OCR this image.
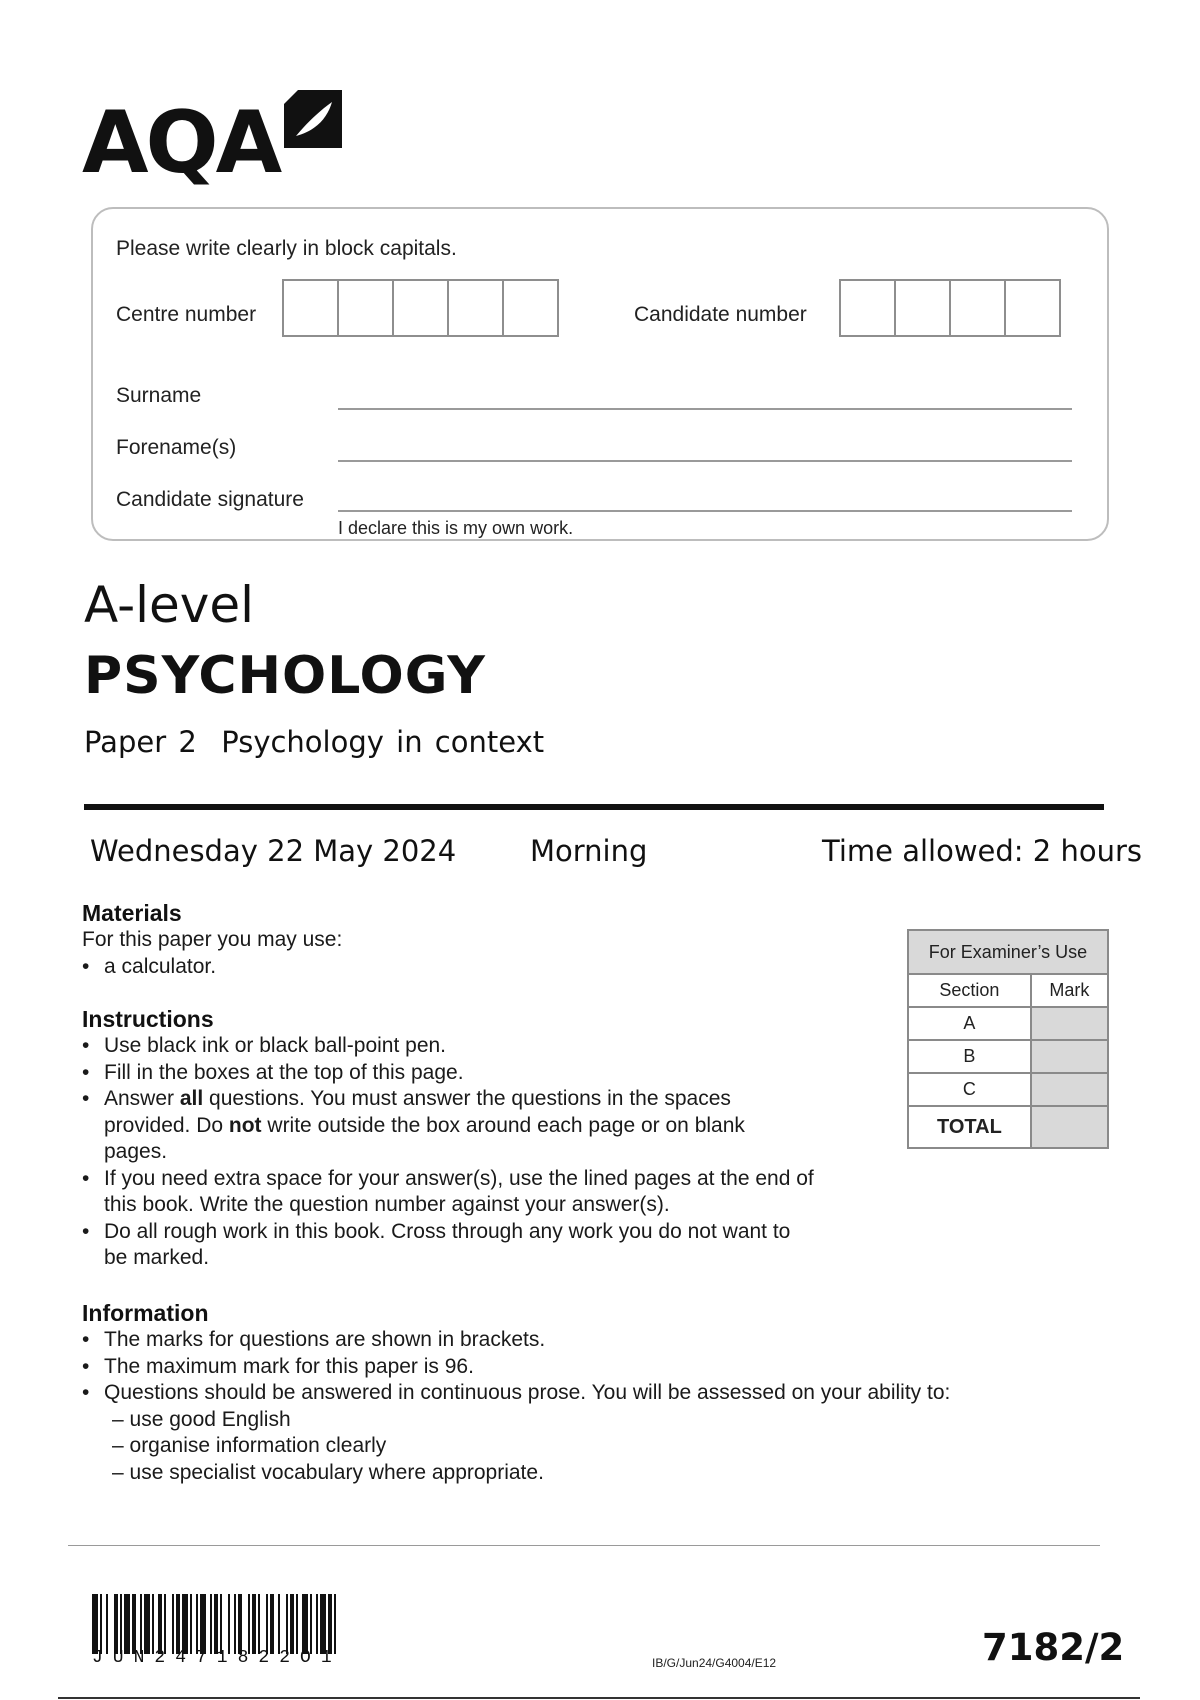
AQA
Please write clearly in block capitals.
Centre number	Candidate number
Surname
Forename(s)
Candidate signature
I declare this is my own work.
A-level
PSYCHOLOGY
Paper 2  Psychology in context
Wednesday 22 May 2024	Morning	Time allowed: 2 hours
Materials
For this paper you may use:
• a calculator.
Instructions
• Use black ink or black ball-point pen.
• Fill in the boxes at the top of this page.
• Answer all questions. You must answer the questions in the spaces provided. Do not write outside the box around each page or on blank pages.
• If you need extra space for your answer(s), use the lined pages at the end of this book. Write the question number against your answer(s).
• Do all rough work in this book. Cross through any work you do not want to be marked.
Information
• The marks for questions are shown in brackets.
• The maximum mark for this paper is 96.
• Questions should be answered in continuous prose. You will be assessed on your ability to:
– use good English
– organise information clearly
– use specialist vocabulary where appropriate.
For Examiner’s Use	
Section	Mark
A	
B	
C	
TOTAL	
JUN2471822O1	IB/G/Jun24/G4004/E12	7182/2
